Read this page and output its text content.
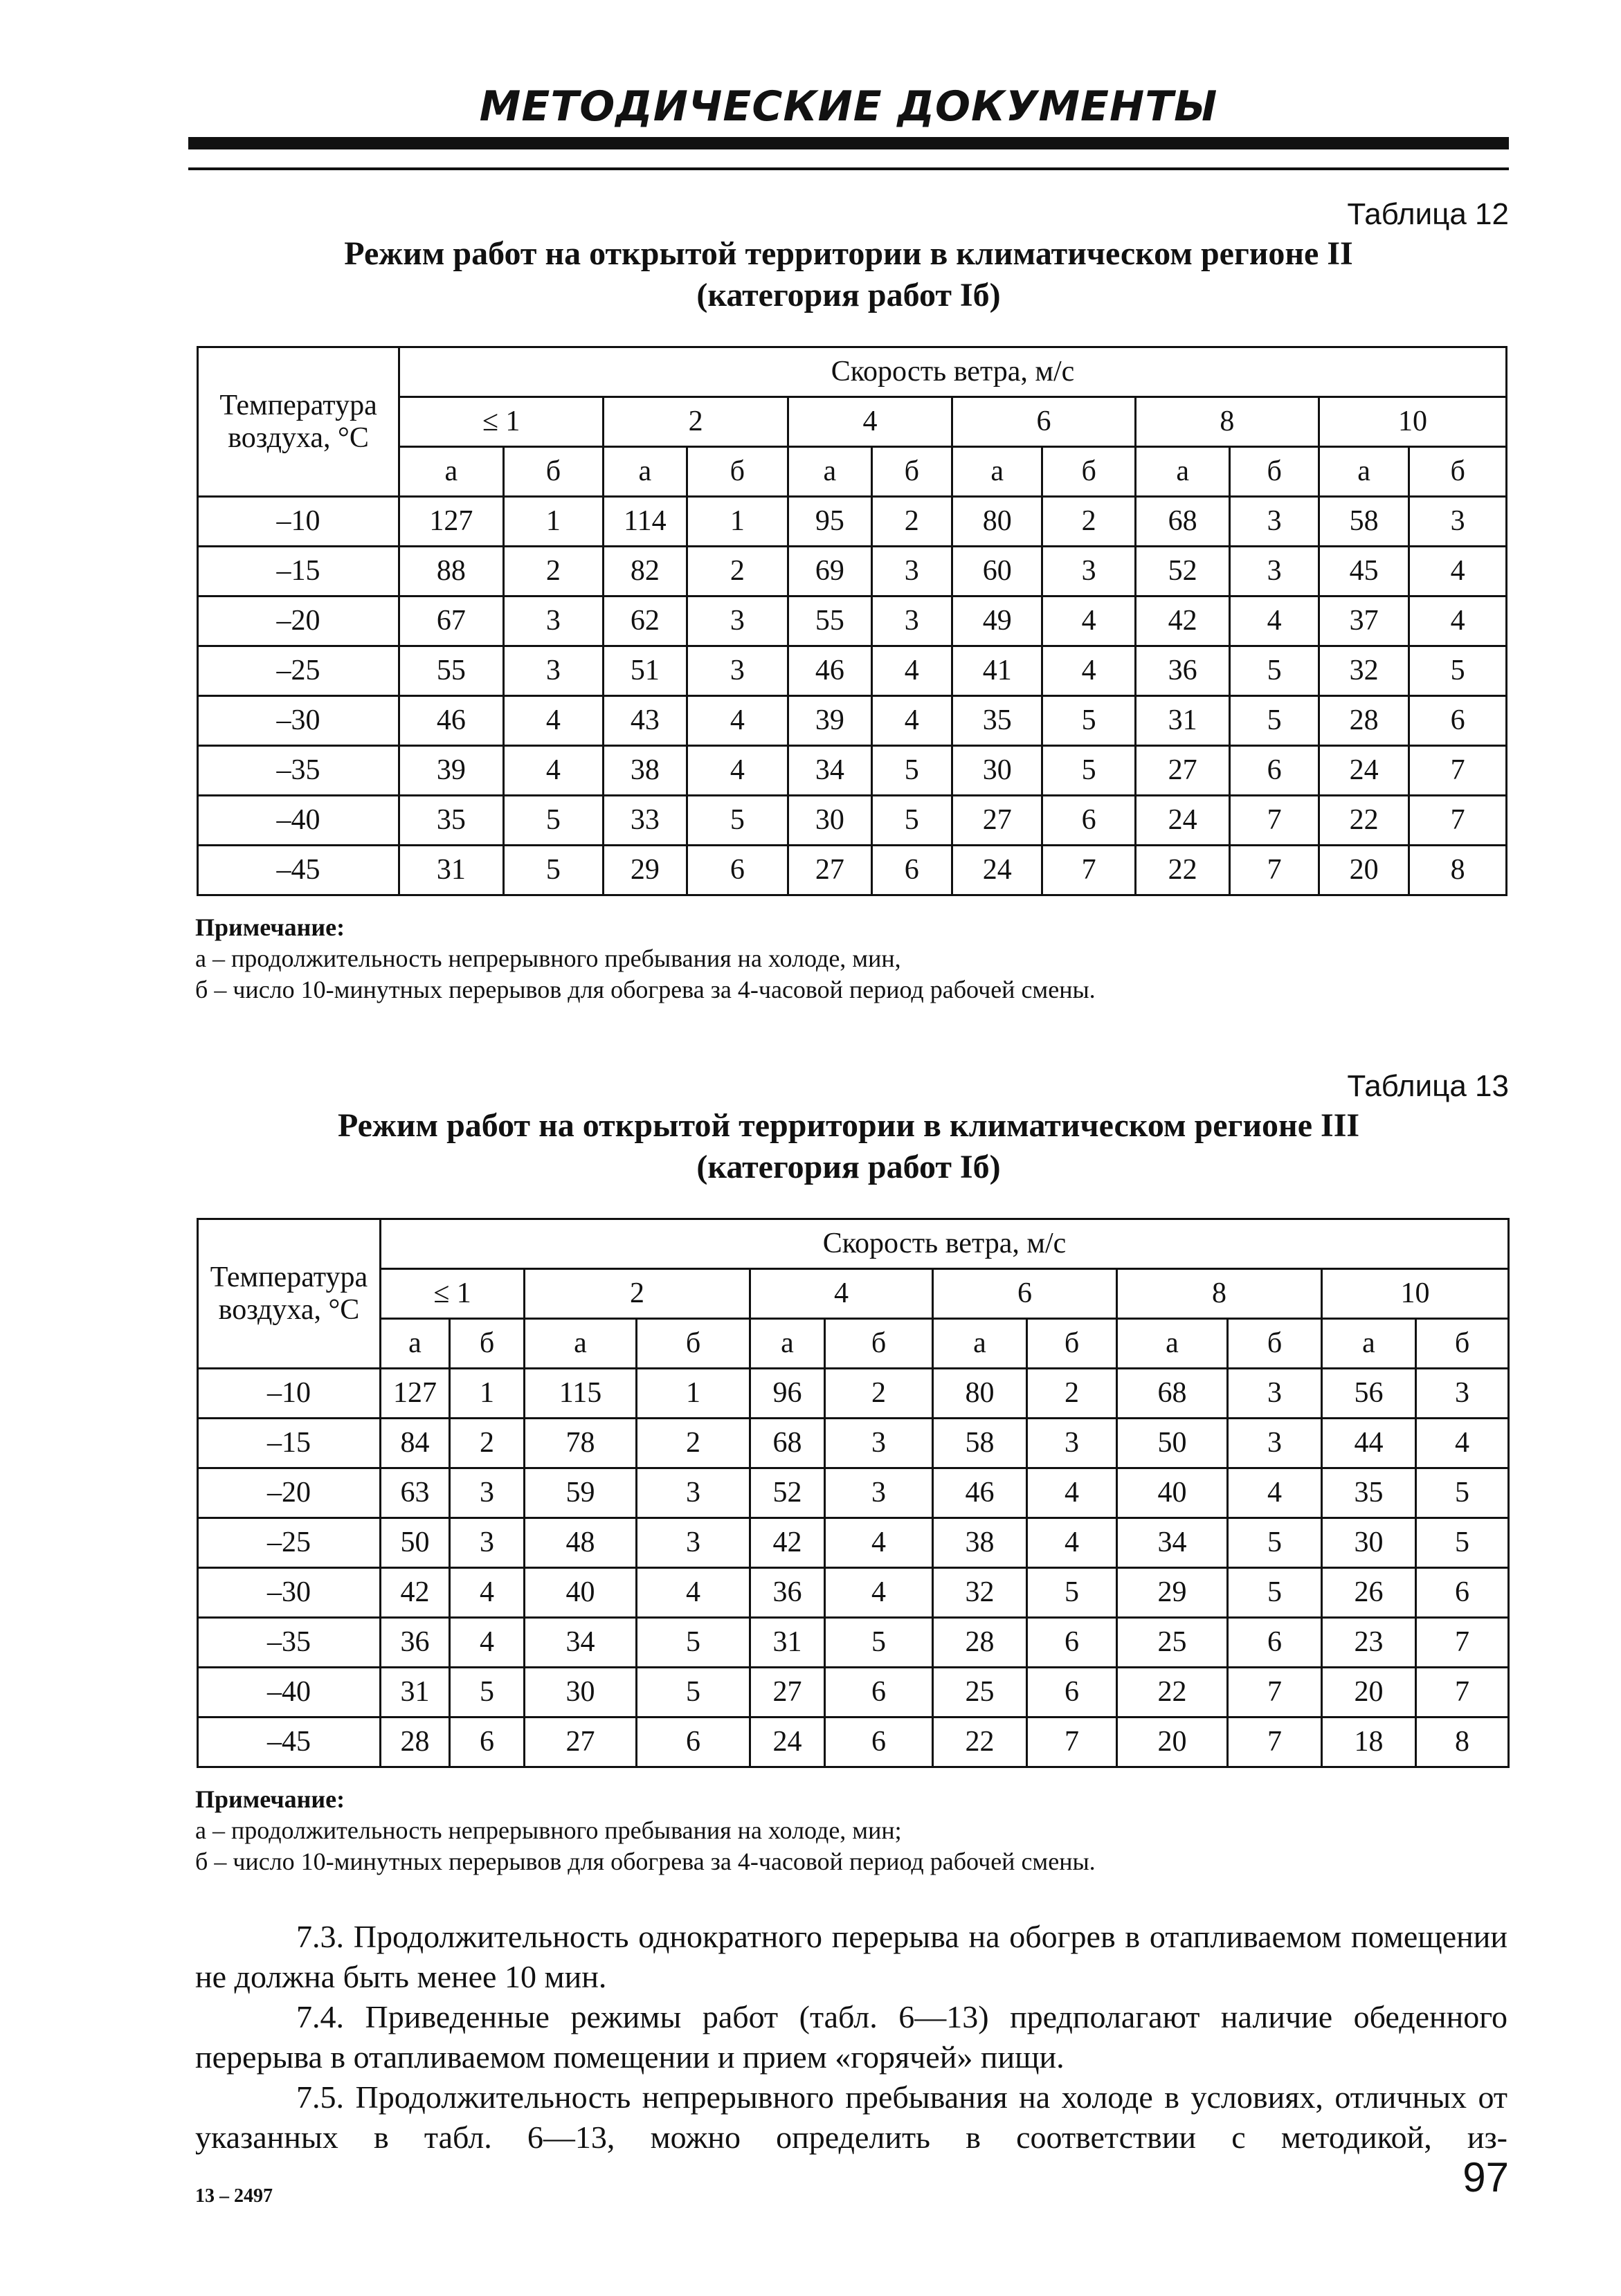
МЕТОДИЧЕСКИЕ ДОКУМЕНТЫ
Таблица 12
Режим работ на открытой территории в климатическом регионе II
(категория работ Iб)
Температура воздуха, °С	Скорость ветра, м/с											
	≤ 1		2		4		6		8		10	
	а	б	а	б	а	б	а	б	а	б	а	б
–10	127	1	114	1	95	2	80	2	68	3	58	3
–15	88	2	82	2	69	3	60	3	52	3	45	4
–20	67	3	62	3	55	3	49	4	42	4	37	4
–25	55	3	51	3	46	4	41	4	36	5	32	5
–30	46	4	43	4	39	4	35	5	31	5	28	6
–35	39	4	38	4	34	5	30	5	27	6	24	7
–40	35	5	33	5	30	5	27	6	24	7	22	7
–45	31	5	29	6	27	6	24	7	22	7	20	8
Примечание:
а – продолжительность непрерывного пребывания на холоде, мин,
б – число 10-минутных перерывов для обогрева за 4-часовой период рабочей смены.
Таблица 13
Режим работ на открытой территории в климатическом регионе III
(категория работ Iб)
Температура воздуха, °С	Скорость ветра, м/с											
	≤ 1		2		4		6		8		10	
	а	б	а	б	а	б	а	б	а	б	а	б
–10	127	1	115	1	96	2	80	2	68	3	56	3
–15	84	2	78	2	68	3	58	3	50	3	44	4
–20	63	3	59	3	52	3	46	4	40	4	35	5
–25	50	3	48	3	42	4	38	4	34	5	30	5
–30	42	4	40	4	36	4	32	5	29	5	26	6
–35	36	4	34	5	31	5	28	6	25	6	23	7
–40	31	5	30	5	27	6	25	6	22	7	20	7
–45	28	6	27	6	24	6	22	7	20	7	18	8
Примечание:
а – продолжительность непрерывного пребывания на холоде, мин;
б – число 10-минутных перерывов для обогрева за 4-часовой период рабочей смены.

7.3. Продолжительность однократного перерыва на обогрев в отапливаемом помещении не должна быть менее 10 мин.

7.4. Приведенные режимы работ (табл. 6—13) предполагают наличие обеденного перерыва в отапливаемом помещении и прием «горячей» пищи.

7.5. Продолжительность непрерывного пребывания на холоде в условиях, отличных от указанных в табл. 6—13, можно определить в соответствии с методикой, из-

13 – 2497	97
